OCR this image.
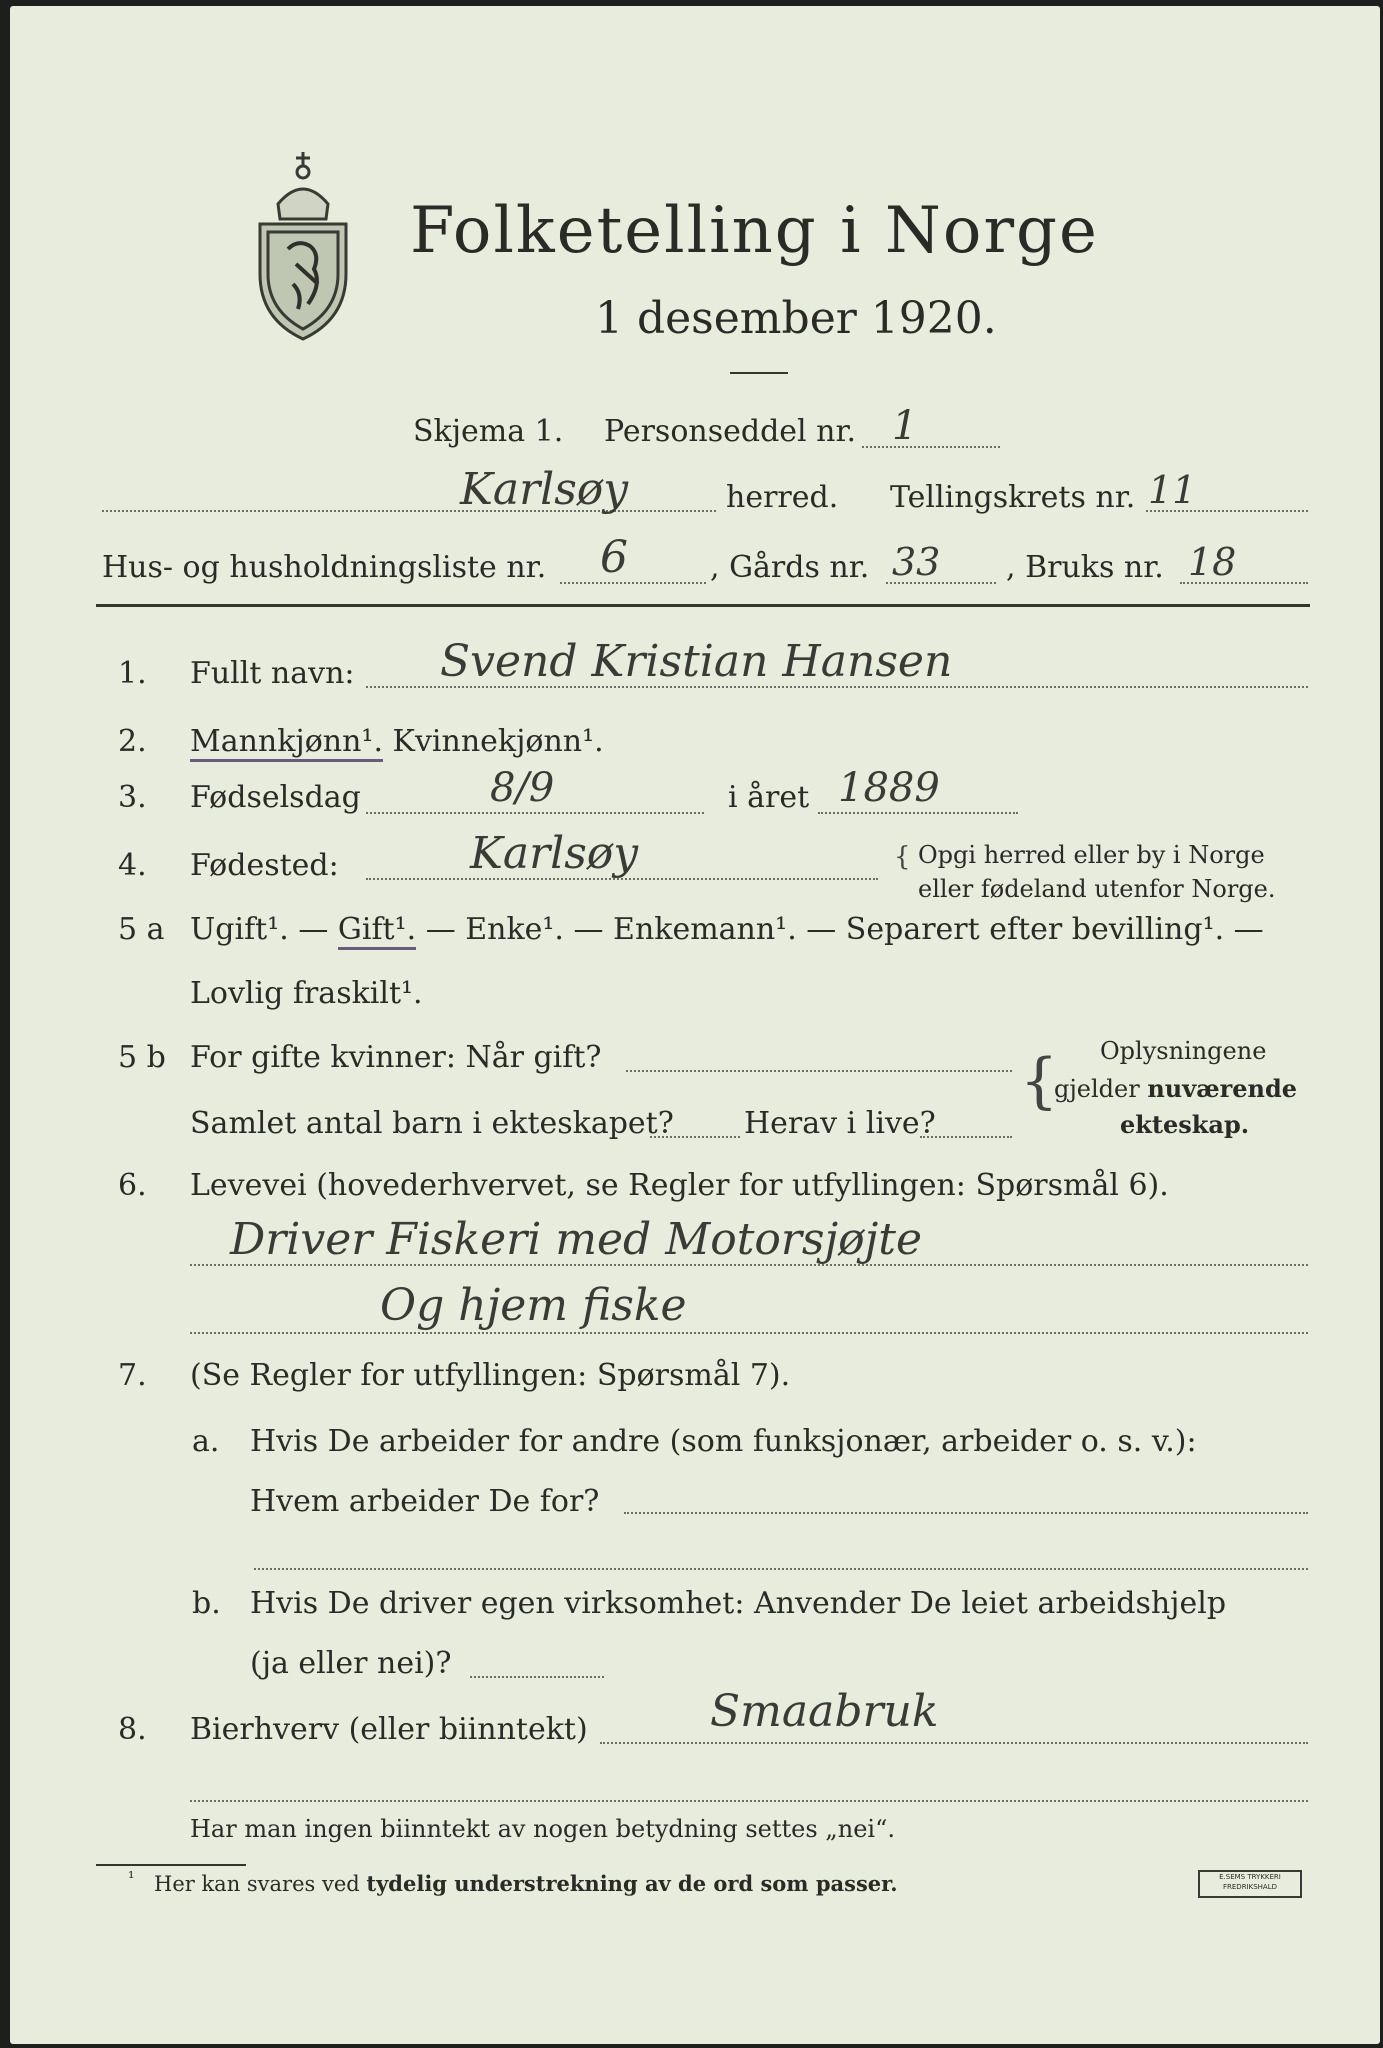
Folketelling i Norge
1 desember 1920.
Skjema 1. Personseddel nr. 1
Karlsøy	herred. Tellingskrets nr. 11
Hus- og husholdningsliste nr. 6	, Gårds nr. 33 , Bruks nr. 18
1. Fullt navn: Svend Kristian Hansen
2. Mannkjønn¹. Kvinnekjønn¹.
3. Fødselsdag	8/9	i året 1889
4. Fødested:	Karlsøy	{ Opgi herred eller by i Norge
eller fødeland utenfor Norge.
5 a Ugift¹. — Gift¹. — Enke¹. — Enkemann¹. — Separert efter bevilling¹. —
Lovlig fraskilt¹.
5 b For gifte kvinner: Når gift?
Samlet antal barn i ekteskapet? Herav i live?
{ Oplysningene
gjelder nuværende
ekteskap.
6. Levevei (hovederhvervet, se Regler for utfyllingen: Spørsmål 6).
Driver Fiskeri med Motorsjøjte
Og hjem fiske
7. (Se Regler for utfyllingen: Spørsmål 7).
a. Hvis De arbeider for andre (som funksjonær, arbeider o. s. v.):
Hvem arbeider De for?
b. Hvis De driver egen virksomhet: Anvender De leiet arbeidshjelp
(ja eller nei)?
8. Bierhverv (eller biinntekt)	Smaabruk
Har man ingen biinntekt av nogen betydning settes „nei“.
¹ Her kan svares ved tydelig understrekning av de ord som passer.	E.SEMS TRYKKERI FREDRIKSHALD
